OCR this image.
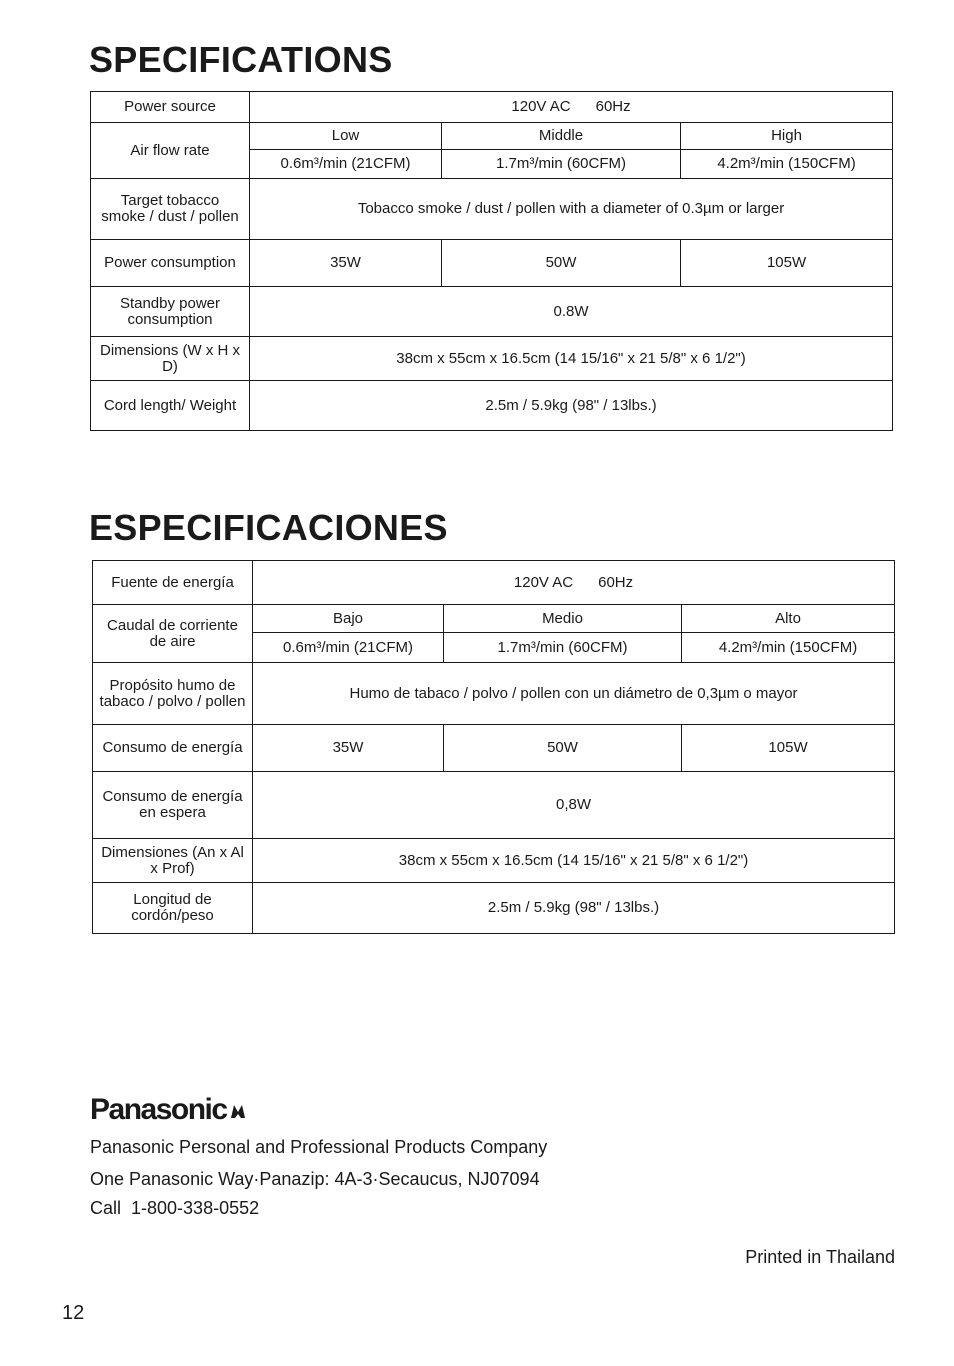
SPECIFICATIONS
Power source	120V AC      60Hz		
Air flow rate	Low	Middle	High
	0.6m³/min (21CFM)	1.7m³/min (60CFM)	4.2m³/min (150CFM)
Target tobacco smoke / dust / pollen	Tobacco smoke / dust / pollen with a diameter of 0.3µm or larger		
Power consumption	35W	50W	105W
Standby power consumption	0.8W		
Dimensions (W x H x D)	38cm x 55cm x 16.5cm (14 15/16" x 21 5/8" x 6 1/2")		
Cord length/ Weight	2.5m / 5.9kg (98" / 13lbs.)		
ESPECIFICACIONES
Fuente de energía	120V AC      60Hz		
Caudal de corriente de aire	Bajo	Medio	Alto
	0.6m³/min (21CFM)	1.7m³/min (60CFM)	4.2m³/min (150CFM)
Propósito humo de tabaco / polvo / pollen	Humo de tabaco / polvo / pollen con un diámetro de 0,3µm o mayor		
Consumo de energía	35W	50W	105W
Consumo de energía en espera	0,8W		
Dimensiones (An x Al x Prof)	38cm x 55cm x 16.5cm (14 15/16" x 21 5/8" x 6 1/2")		
Longitud de cordón/peso	2.5m / 5.9kg (98" / 13lbs.)		
Panasonic
Panasonic Personal and Professional Products Company
One Panasonic Way·Panazip: 4A-3·Secaucus, NJ07094
Call  1-800-338-0552
Printed in Thailand
12
